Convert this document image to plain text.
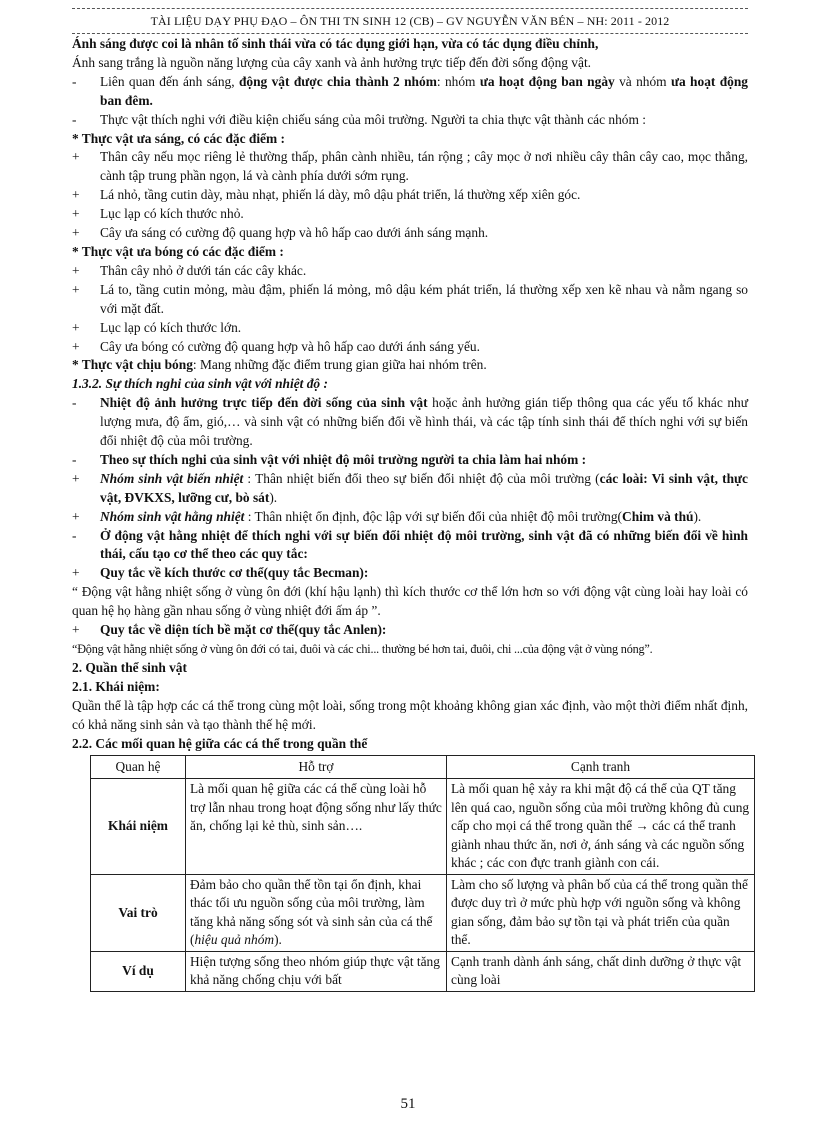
TÀI LIỆU DẠY PHỤ ĐẠO – ÔN THI TN SINH 12 (CB) – GV NGUYỄN VĂN BÉN – NH: 2011 - 2012

Ánh sáng được coi là nhân tố sinh thái vừa có tác dụng giới hạn, vừa có tác dụng điều chỉnh,

Ánh sang trắng là nguồn năng lượng của cây xanh và ảnh hưởng trực tiếp đến đời sống động vật.

-	Liên quan đến ánh sáng, động vật được chia thành 2 nhóm: nhóm ưa hoạt động ban ngày và nhóm ưa hoạt động ban đêm.
-	Thực vật thích nghi với điều kiện chiếu sáng của môi trường. Người ta chia thực vật thành các nhóm :

* Thực vật ưa sáng, có các đặc điểm :

+	Thân cây nếu mọc riêng lẻ thường thấp, phân cành nhiều, tán rộng ; cây mọc ở nơi nhiều cây thân cây cao, mọc thẳng, cành tập trung phần ngọn, lá và cành phía dưới sớm rụng.
+	Lá nhỏ, tầng cutin dày, màu nhạt, phiến lá dày, mô dậu phát triển, lá thường xếp xiên góc.
+	Lục lạp có kích thước nhỏ.
+	Cây ưa sáng có cường độ quang hợp và hô hấp cao dưới ánh sáng mạnh.

* Thực vật ưa bóng có các đặc điểm :

+	Thân cây nhỏ ở dưới tán các cây khác.
+	Lá to, tầng cutin mỏng, màu đậm, phiến lá mỏng, mô dậu kém phát triển, lá thường xếp xen kẽ nhau và nằm ngang so với mặt đất.
+	Lục lạp có kích thước lớn.
+	Cây ưa bóng có cường độ quang hợp và hô hấp cao dưới ánh sáng yếu.

* Thực vật chịu bóng: Mang những đặc điểm trung gian giữa hai nhóm trên.

1.3.2. Sự thích nghi của sinh vật với nhiệt độ :

-	Nhiệt độ ảnh hưởng trực tiếp đến đời sống của sinh vật hoặc ảnh hưởng gián tiếp thông qua các yếu tố khác như lượng mưa, độ ẩm, gió,… và sinh vật có những biến đổi về hình thái, và các tập tính sinh thái để thích nghi với sự biến đổi nhiệt độ của môi trường.
-	Theo sự thích nghi của sinh vật với nhiệt độ môi trường người ta chia làm hai nhóm :
+	Nhóm sinh vật biến nhiệt : Thân nhiệt biến đổi theo sự biến đổi nhiệt độ của môi trường (các loài: Vi sinh vật, thực vật, ĐVKXS, lưỡng cư, bò sát).
+	Nhóm sinh vật hằng nhiệt : Thân nhiệt ổn định, độc lập với sự biến đổi của nhiệt độ môi trường(Chim và thú).
-	Ở động vật hằng nhiệt để thích nghi với sự biến đổi nhiệt độ môi trường, sinh vật đã có những biến đổi về hình thái, cấu tạo cơ thể theo các quy tắc:
+	Quy tắc về kích thước cơ thể(quy tắc Becman):

“ Động vật hằng nhiệt sống ở vùng ôn đới (khí hậu lạnh) thì kích thước cơ thể lớn hơn so với động vật cùng loài hay loài có quan hệ họ hàng gần nhau sống ở vùng nhiệt đới ấm áp ”.

+	Quy tắc về diện tích bề mặt cơ thể(quy tắc Anlen):

“Động vật hằng nhiệt sống ở vùng ôn đới có tai, đuôi và các chi... thường bé hơn tai, đuôi, chi ...của động vật ở vùng nóng”.

2. Quần thể sinh vật

2.1. Khái niệm:

Quần thể là tập hợp các cá thể trong cùng một loài, sống trong một khoảng không gian xác định, vào một thời điểm nhất định, có khả năng sinh sản và tạo thành thế hệ mới.

2.2. Các mối quan hệ giữa các cá thể trong quần thể

Quan hệ	Hỗ trợ	Cạnh tranh
Khái niệm	Là mối quan hệ giữa các cá thể cùng loài hỗ trợ lẫn nhau trong hoạt động sống như lấy thức ăn, chống lại kẻ thù, sinh sản….	Là mối quan hệ xảy ra khi mật độ cá thể của QT tăng lên quá cao, nguồn sống của môi trường không đủ cung cấp cho mọi cá thể trong quần thể → các cá thể tranh giành nhau thức ăn, nơi ở, ánh sáng và các nguồn sống khác ; các con đực tranh giành con cái.
Vai trò	Đảm bảo cho quần thể tồn tại ổn định, khai thác tối ưu nguồn sống của môi trường, làm tăng khả năng sống sót và sinh sản của cá thể (hiệu quả nhóm).	Làm cho số lượng và phân bố của cá thể trong quần thể được duy trì ở mức phù hợp với nguồn sống và không gian sống, đảm bảo sự tồn tại và phát triển của quần thể.
Ví dụ	Hiện tượng sống theo nhóm giúp thực vật tăng khả năng chống chịu với bất	Cạnh tranh dành ánh sáng, chất dinh dưỡng ở thực vật cùng loài
51
